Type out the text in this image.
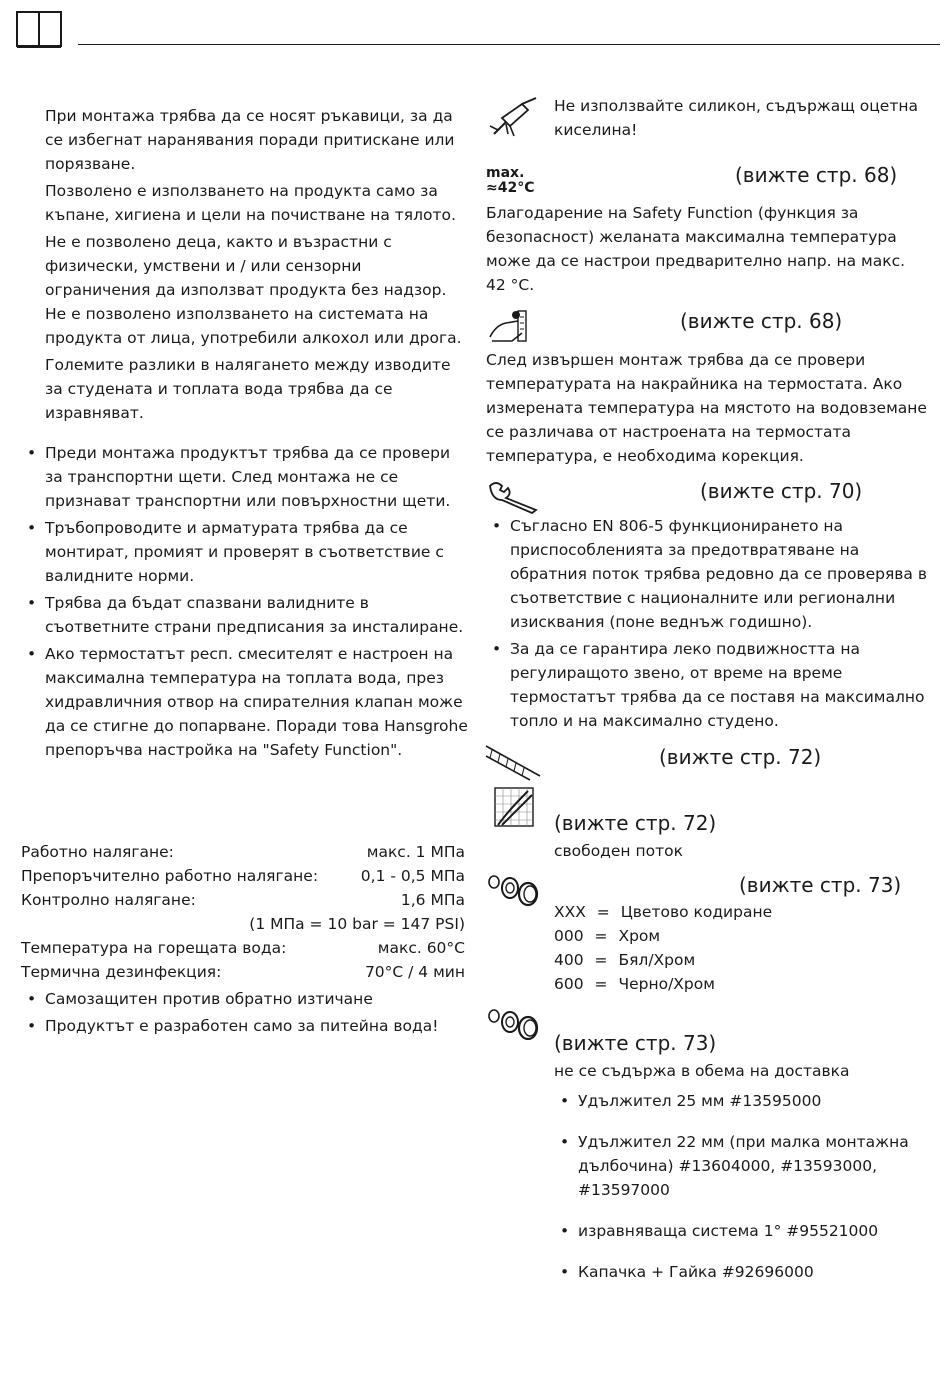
При монтажа трябва да се носят ръкавици, за да се избегнат наранявания поради притискане или порязване.

Позволено е използването на продукта само за къпане, хигиена и цели на почистване на тялото.

Не е позволено деца, както и възрастни с физически, умствени и / или сензорни ограничения да използват продукта без надзор. Не е позволено използването на системата на продукта от лица, употребили алкохол или дрога.

Големите разлики в налягането между изводите за студената и топлата вода трябва да се изравняват.

• Преди монтажа продуктът трябва да се провери за транспортни щети. След монтажа не се признават транспортни или повърхностни щети.
• Тръбопроводите и арматурата трябва да се монтират, промият и проверят в съответствие с валидните норми.
• Трябва да бъдат спазвани валидните в съответните страни предписания за инсталиране.
• Ако термостатът респ. смесителят е настроен на максимална температура на топлата вода, през хидравличния отвор на спирателния клапан може да се стигне до попарване. Поради това Hansgrohe препоръчва настройка на "Safety Function".
Работно налягане:	макс. 1 МПа
Препоръчително работно налягане:	0,1 - 0,5 МПа
Контролно налягане:	1,6 МПа
(1 МПа = 10 bar = 147 PSI)
Температура на горещата вода:	макс. 60°C
Термична дезинфекция:	70°C / 4 мин
• Самозащитен против обратно изтичане
• Продуктът е разработен само за питейна вода!
Не използвайте силикон, съдържащ оцетна киселина!
max.
≈42°C
(вижте стр. 68)
Благодарение на Safety Function (функция за безопасност) желаната максимална температура може да се настрои предварително напр. на макс. 42 °C.
(вижте стр. 68)
След извършен монтаж трябва да се провери температурата на накрайника на термостата. Ако измерената температура на мястото на водовземане се различава от настроената на термостата температура, е необходима корекция.
(вижте стр. 70)
• Съгласно EN 806-5 функционирането на приспособленията за предотвратяване на обратния поток трябва редовно да се проверява в съответствие с националните или регионални изисквания (поне веднъж годишно).
• За да се гарантира леко подвижността на регулиращото звено, от време на време термостатът трябва да се поставя на максимално топло и на максимално студено.
(вижте стр. 72)
(вижте стр. 72)
свободен поток
(вижте стр. 73)
XXX = Цветово кодиране
000 = Хром
400 = Бял/Хром
600 = Черно/Хром
(вижте стр. 73)
не се съдържа в обема на доставка
• Удължител 25 мм #13595000
• Удължител 22 мм (при малка монтажна дълбочина) #13604000, #13593000, #13597000
• изравняваща система 1° #95521000
• Капачка + Гайка #92696000
